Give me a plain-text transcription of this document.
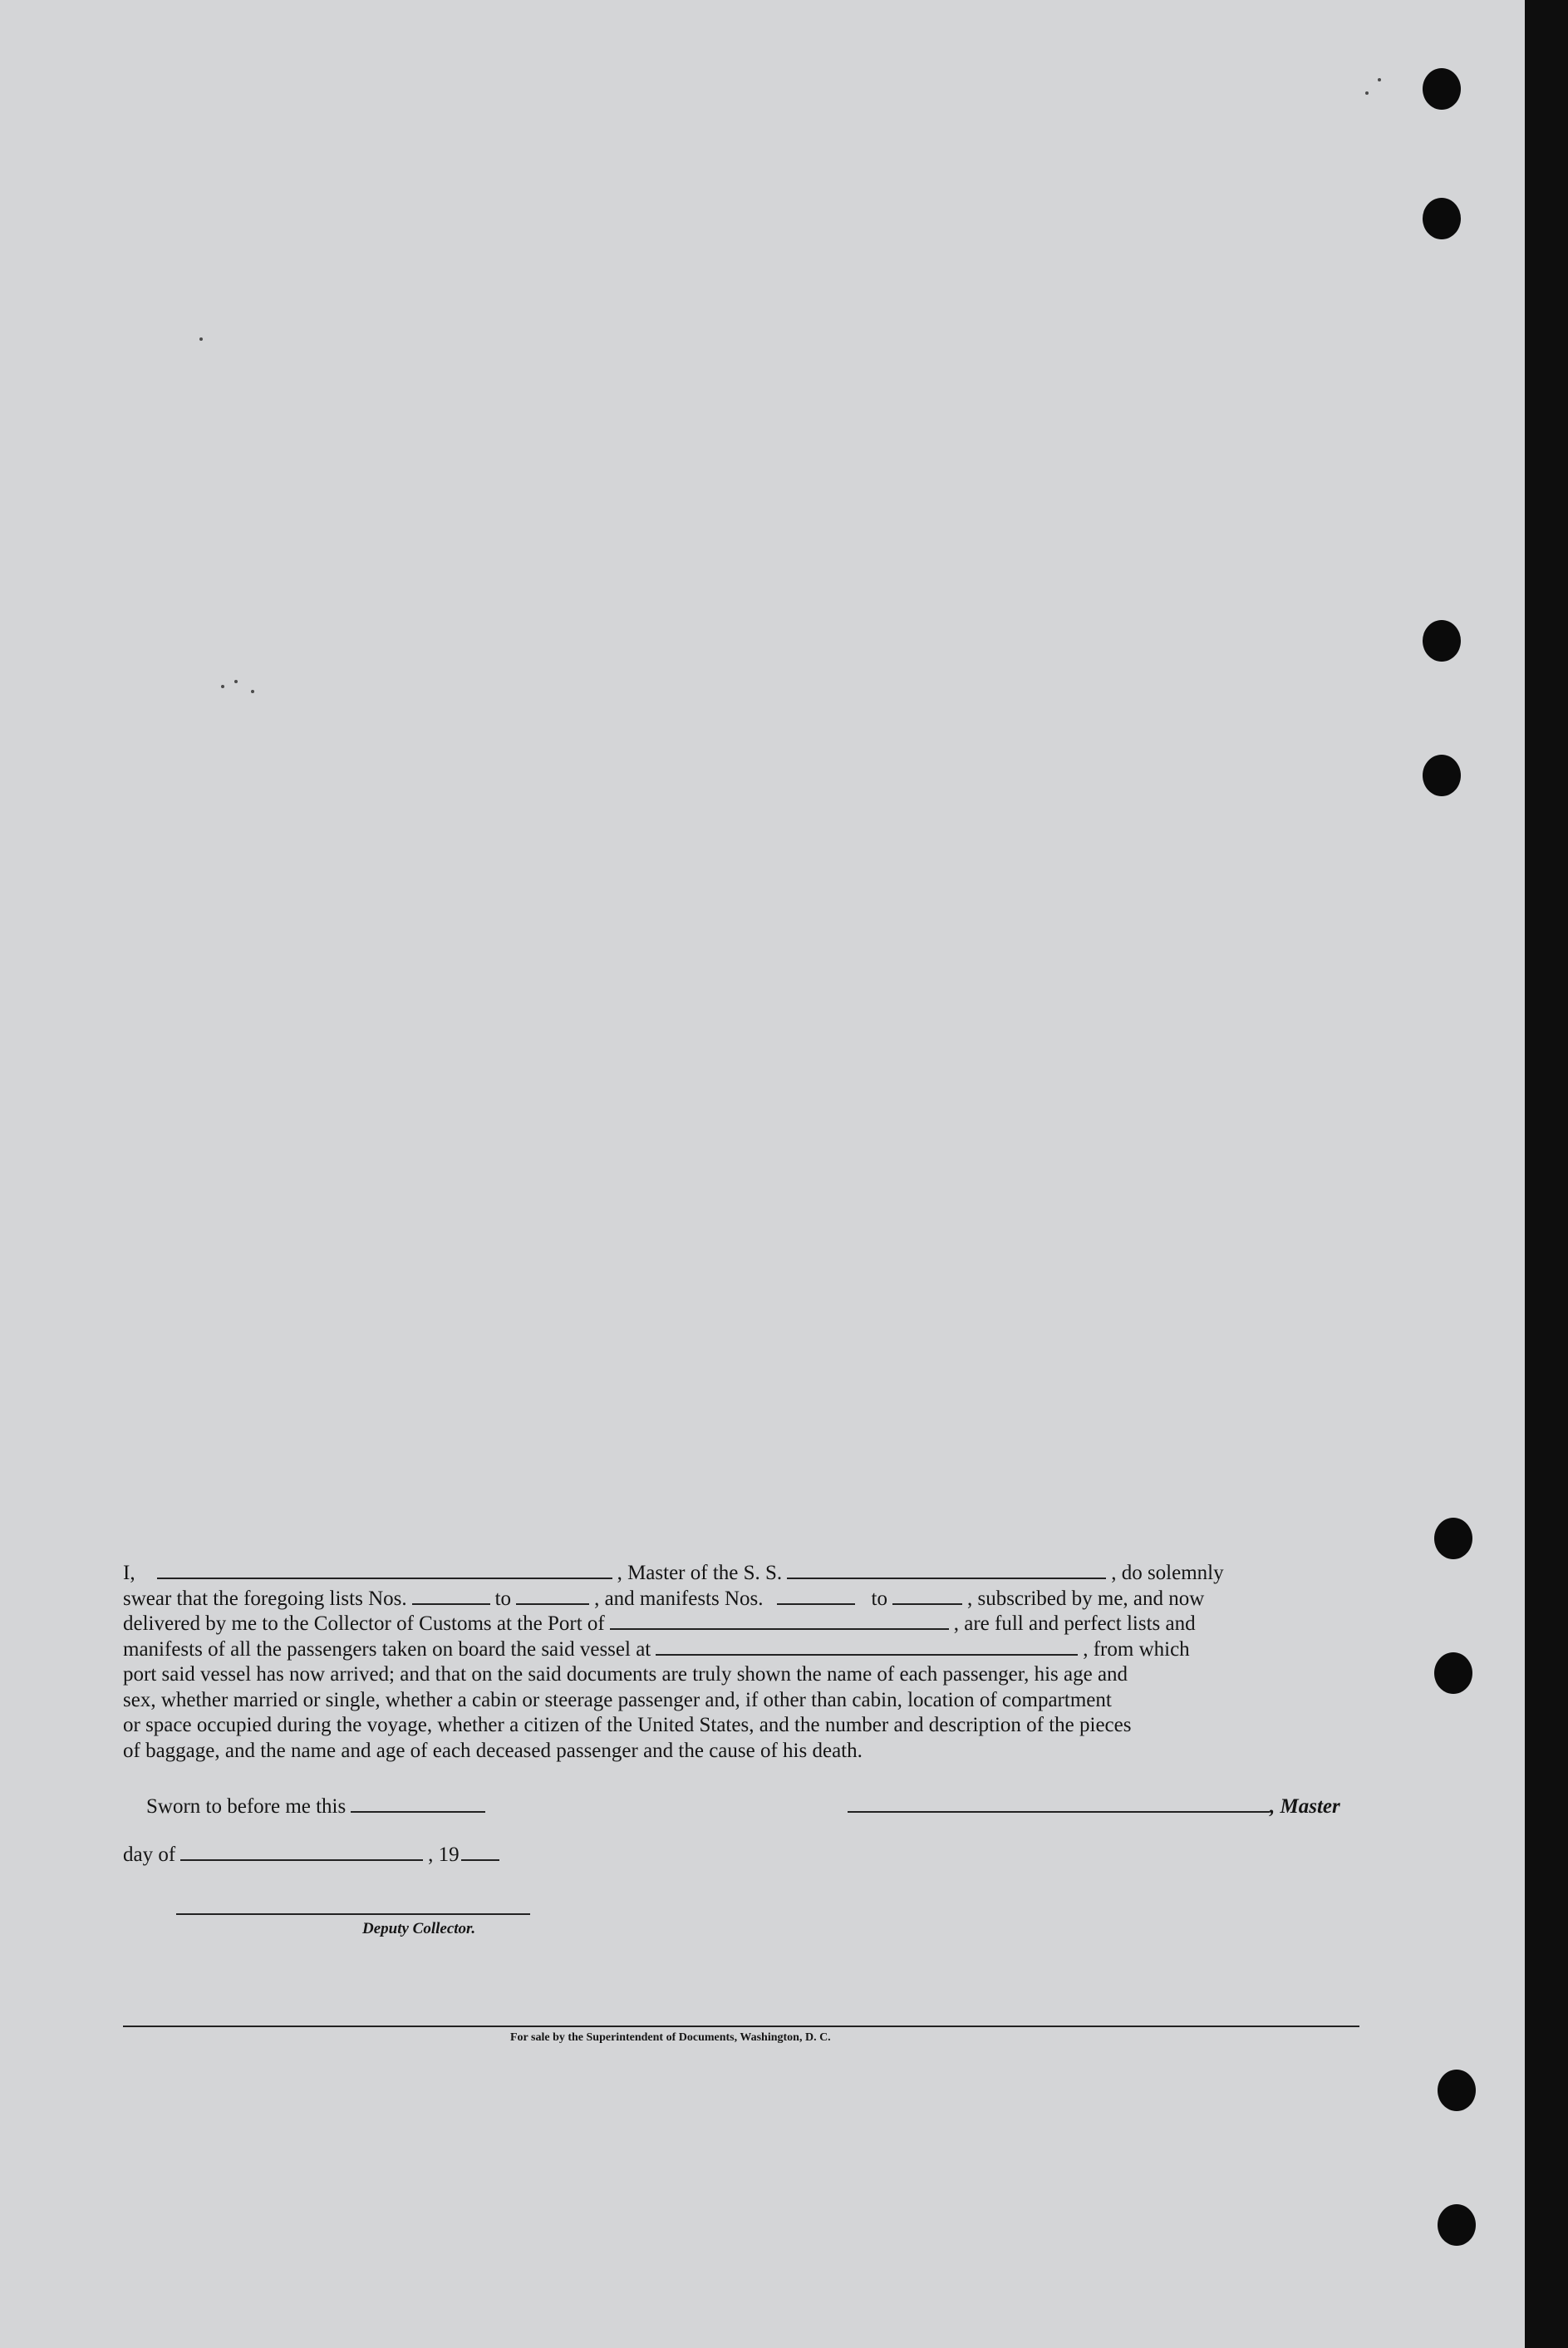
I,	, Master of the S. S.	, do solemnly
swear that the foregoing lists Nos.	to	, and manifests Nos.	to	, subscribed by me, and now
delivered by me to the Collector of Customs at the Port of	, are full and perfect lists and
manifests of all the passengers taken on board the said vessel at	, from which
port said vessel has now arrived; and that on the said documents are truly shown the name of each passenger, his age and
sex, whether married or single, whether a cabin or steerage passenger and, if other than cabin, location of compartment
or space occupied during the voyage, whether a citizen of the United States, and the number and description of the pieces
of baggage, and the name and age of each deceased passenger and the cause of his death.
Sworn to before me this	, Master
day of	, 19
Deputy Collector.
For sale by the Superintendent of Documents, Washington, D. C.
